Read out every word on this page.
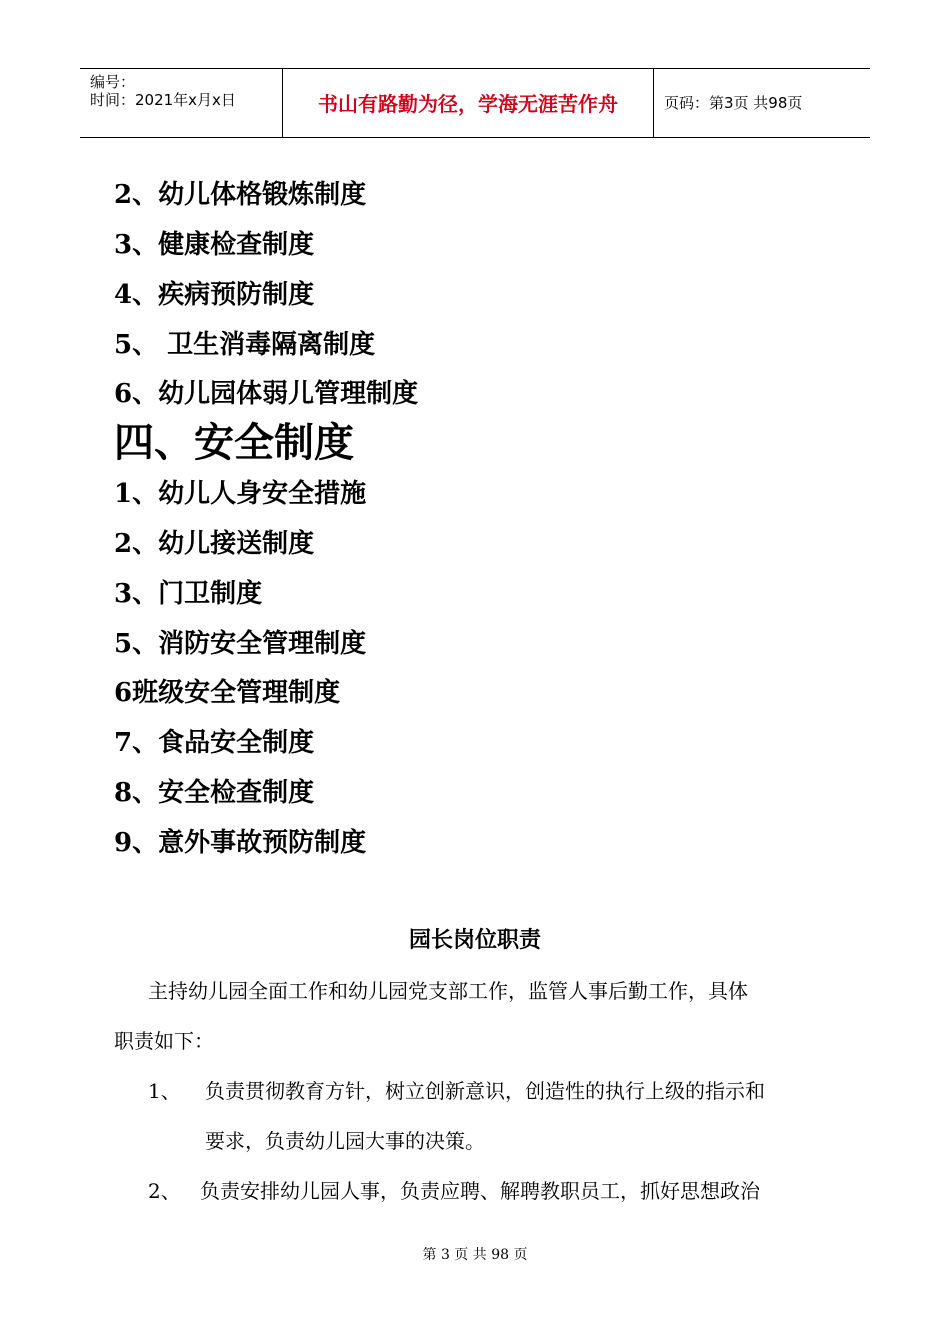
编号：
时间：2021年x月x日	书山有路勤为径，学海无涯苦作舟	页码：第3页 共98页
2、幼儿体格锻炼制度
3、健康检查制度
4、疾病预防制度
5、 卫生消毒隔离制度
6、幼儿园体弱儿管理制度
四、安全制度
1、幼儿人身安全措施
2、幼儿接送制度
3、门卫制度
5、消防安全管理制度
6班级安全管理制度
7、食品安全制度
8、安全检查制度
9、意外事故预防制度
园长岗位职责
主持幼儿园全面工作和幼儿园党支部工作，监管人事后勤工作，具体
职责如下：
1、 负责贯彻教育方针，树立创新意识，创造性的执行上级的指示和
要求，负责幼儿园大事的决策。
2、 负责安排幼儿园人事，负责应聘、解聘教职员工，抓好思想政治
第 3 页 共 98 页
